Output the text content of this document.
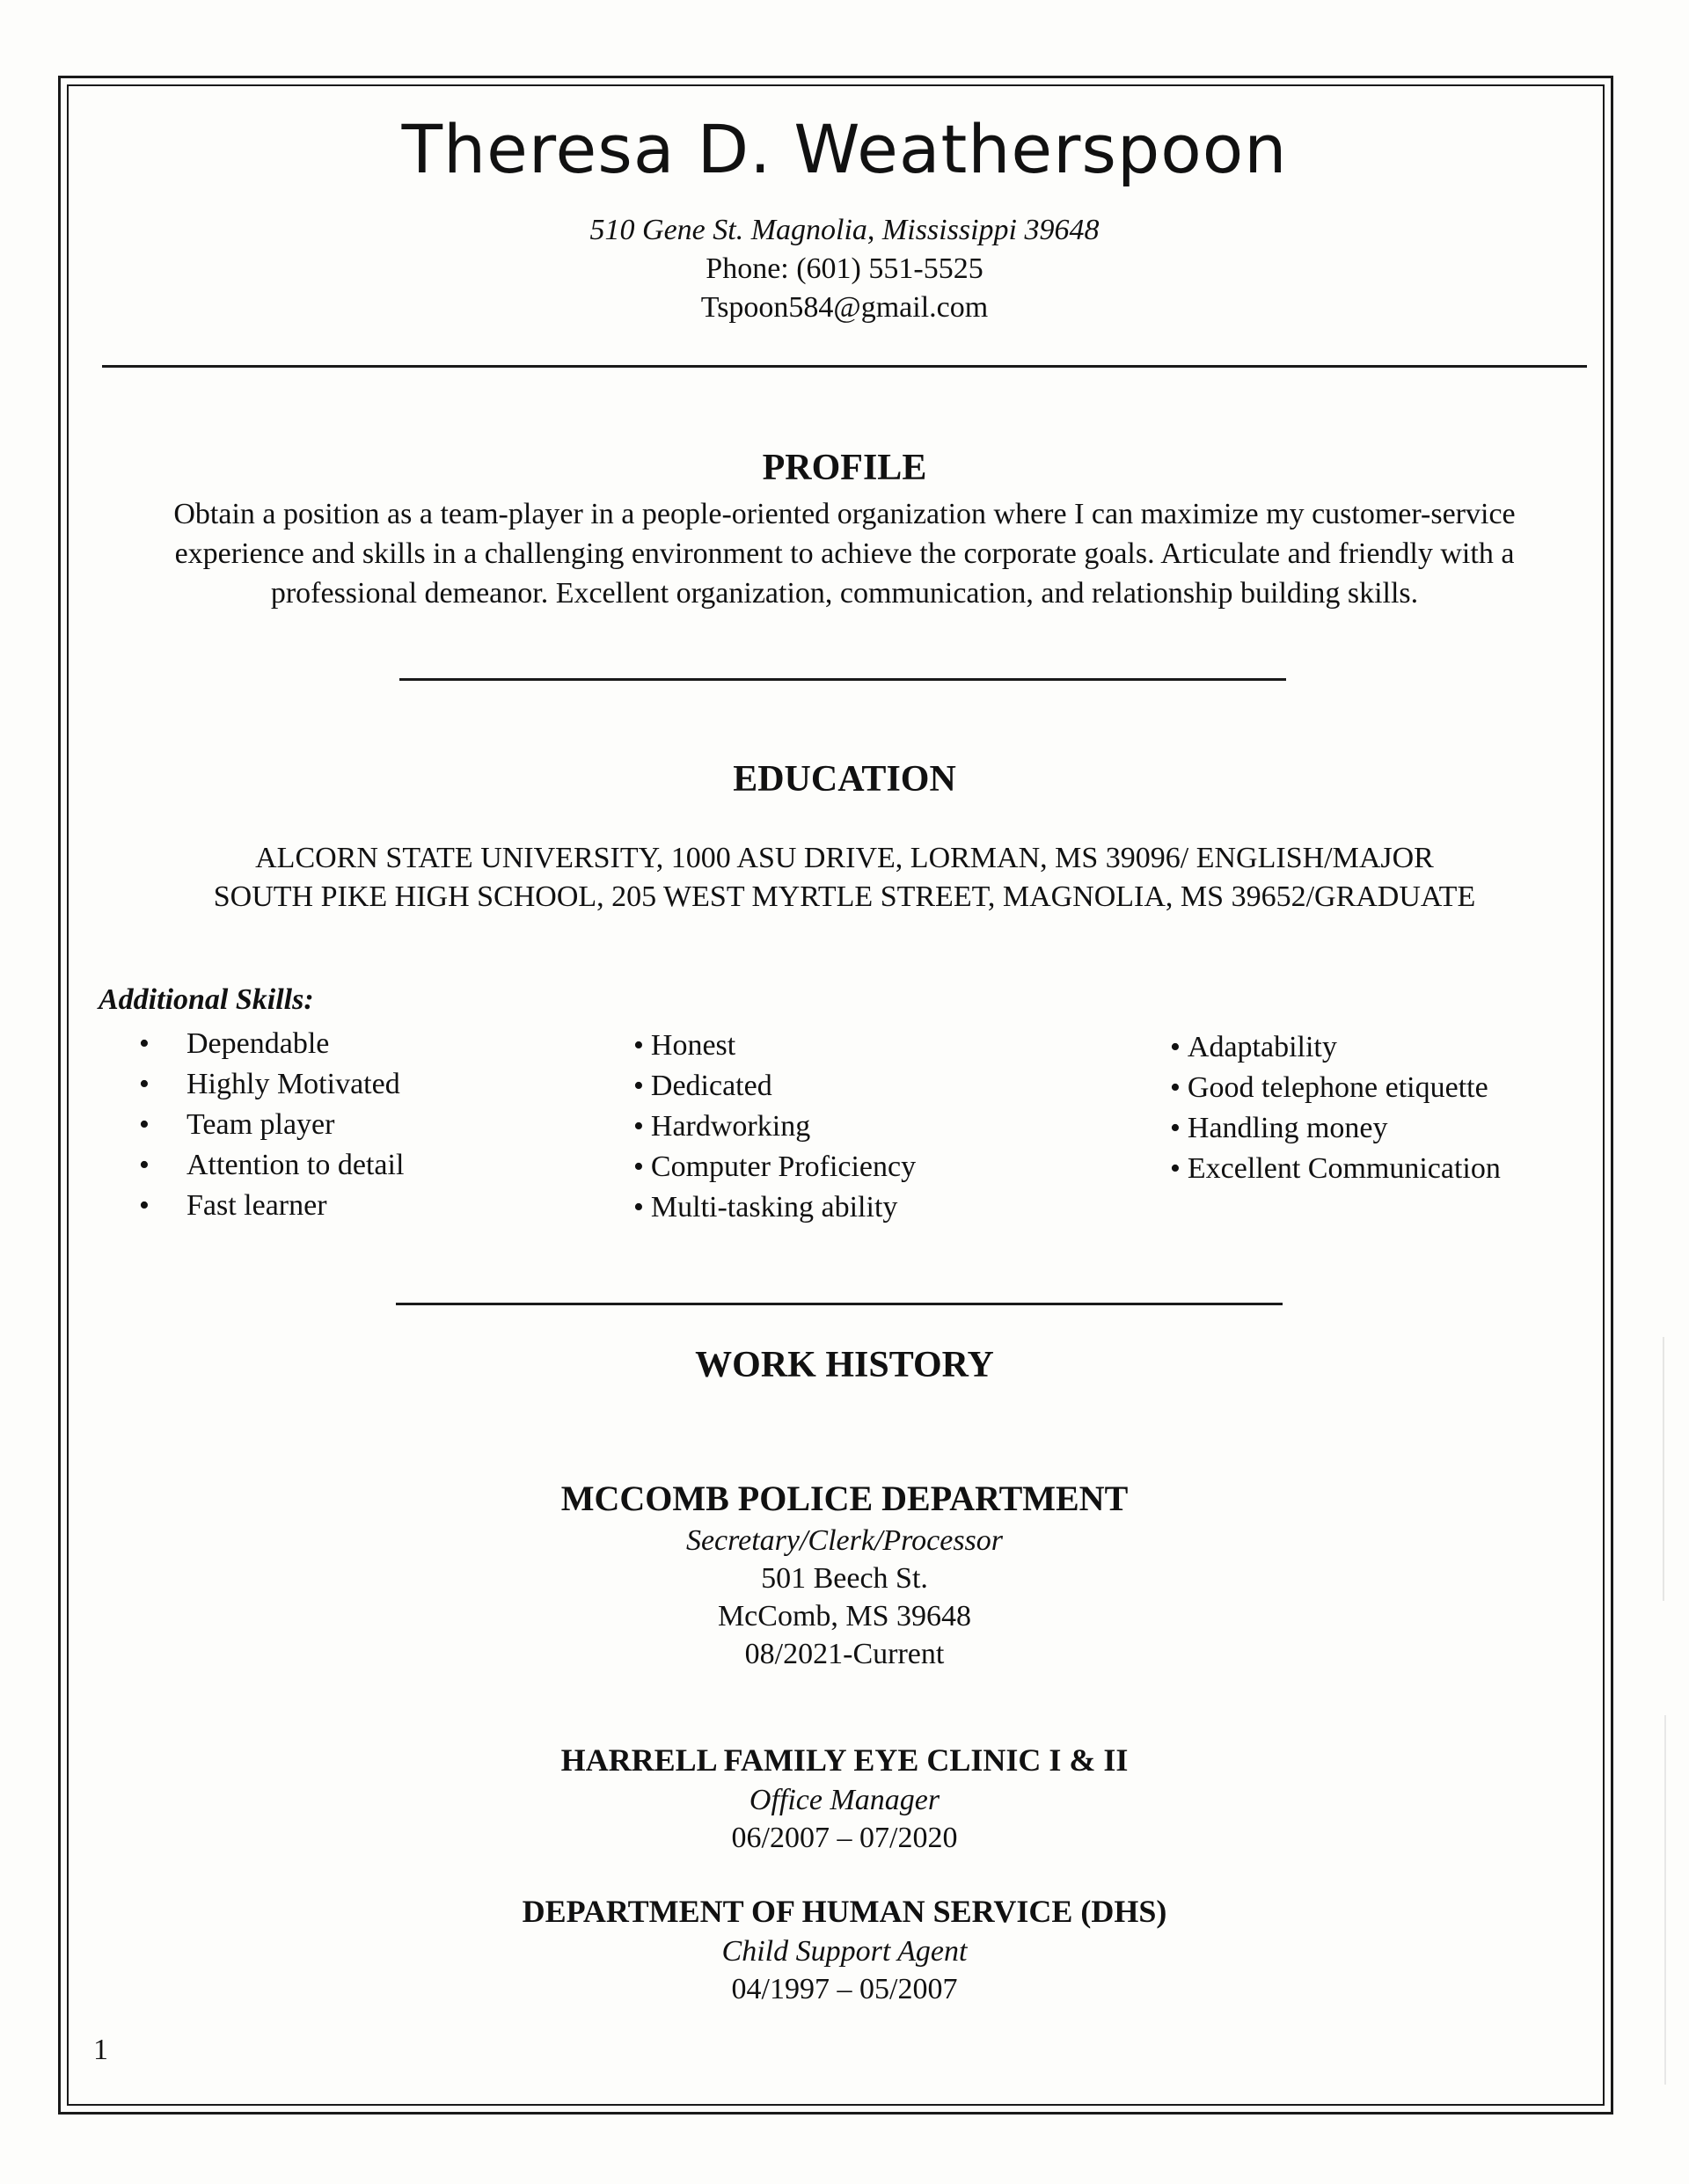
Theresa D. Weatherspoon
510 Gene St. Magnolia, Mississippi 39648
Phone: (601) 551-5525
Tspoon584@gmail.com
PROFILE
Obtain a position as a team-player in a people-oriented organization where I can maximize my customer-service
experience and skills in a challenging environment to achieve the corporate goals. Articulate and friendly with a
professional demeanor. Excellent organization, communication, and relationship building skills.
EDUCATION
ALCORN STATE UNIVERSITY, 1000 ASU DRIVE, LORMAN, MS 39096/ ENGLISH/MAJOR
SOUTH PIKE HIGH SCHOOL, 205 WEST MYRTLE STREET, MAGNOLIA, MS 39652/GRADUATE
Additional Skills:
• Dependable
• Highly Motivated
• Team player
• Attention to detail
• Fast learner
• Honest
• Dedicated
• Hardworking
• Computer Proficiency
• Multi-tasking ability
• Adaptability
• Good telephone etiquette
• Handling money
• Excellent Communication
WORK HISTORY
MCCOMB POLICE DEPARTMENT
Secretary/Clerk/Processor
501 Beech St.
McComb, MS 39648
08/2021-Current
HARRELL FAMILY EYE CLINIC I & II
Office Manager
06/2007 – 07/2020
DEPARTMENT OF HUMAN SERVICE (DHS)
Child Support Agent
04/1997 – 05/2007
1
